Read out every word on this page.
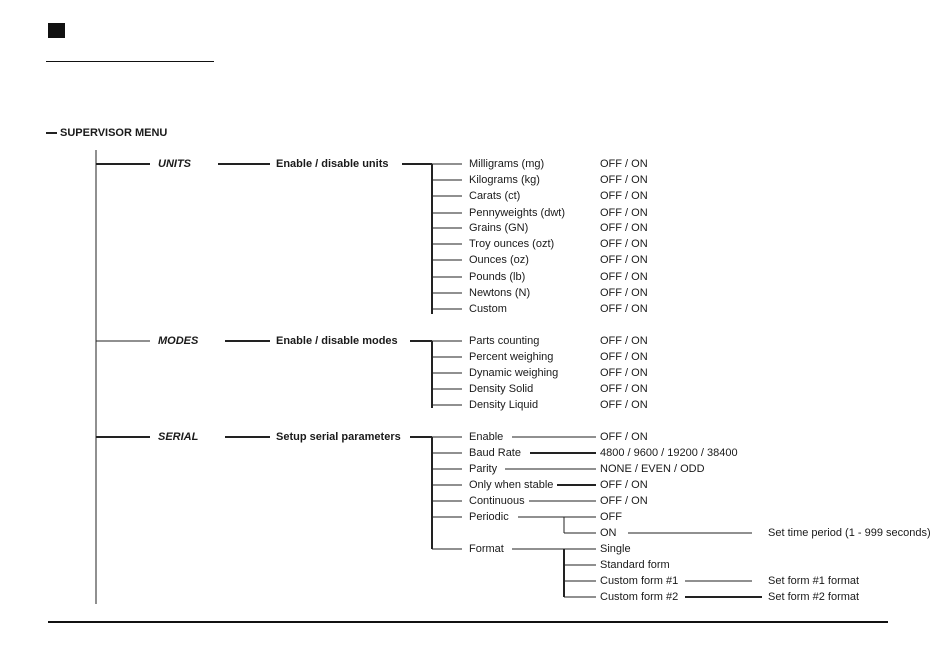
SUPERVISOR MENU
UNITS	Enable / disable units
MODES	Enable / disable modes
SERIAL	Setup serial parameters
Milligrams (mg)	OFF / ON
Kilograms (kg)	OFF / ON
Carats (ct)	OFF / ON
Pennyweights (dwt)	OFF / ON
Grains (GN)	OFF / ON
Troy ounces (ozt)	OFF / ON
Ounces (oz)	OFF / ON
Pounds (lb)	OFF / ON
Newtons (N)	OFF / ON
Custom	OFF / ON
Parts counting	OFF / ON
Percent weighing	OFF / ON
Dynamic weighing	OFF / ON
Density Solid	OFF / ON
Density Liquid	OFF / ON
Enable	OFF / ON
Baud Rate	4800 / 9600 / 19200 / 38400
Parity	NONE / EVEN / ODD
Only when stable	OFF / ON
Continuous	OFF / ON
Periodic	OFF
ON	Set time period (1 - 999 seconds)
Format	Single
Standard form
Custom form #1	Set form #1 format
Custom form #2	Set form #2 format
